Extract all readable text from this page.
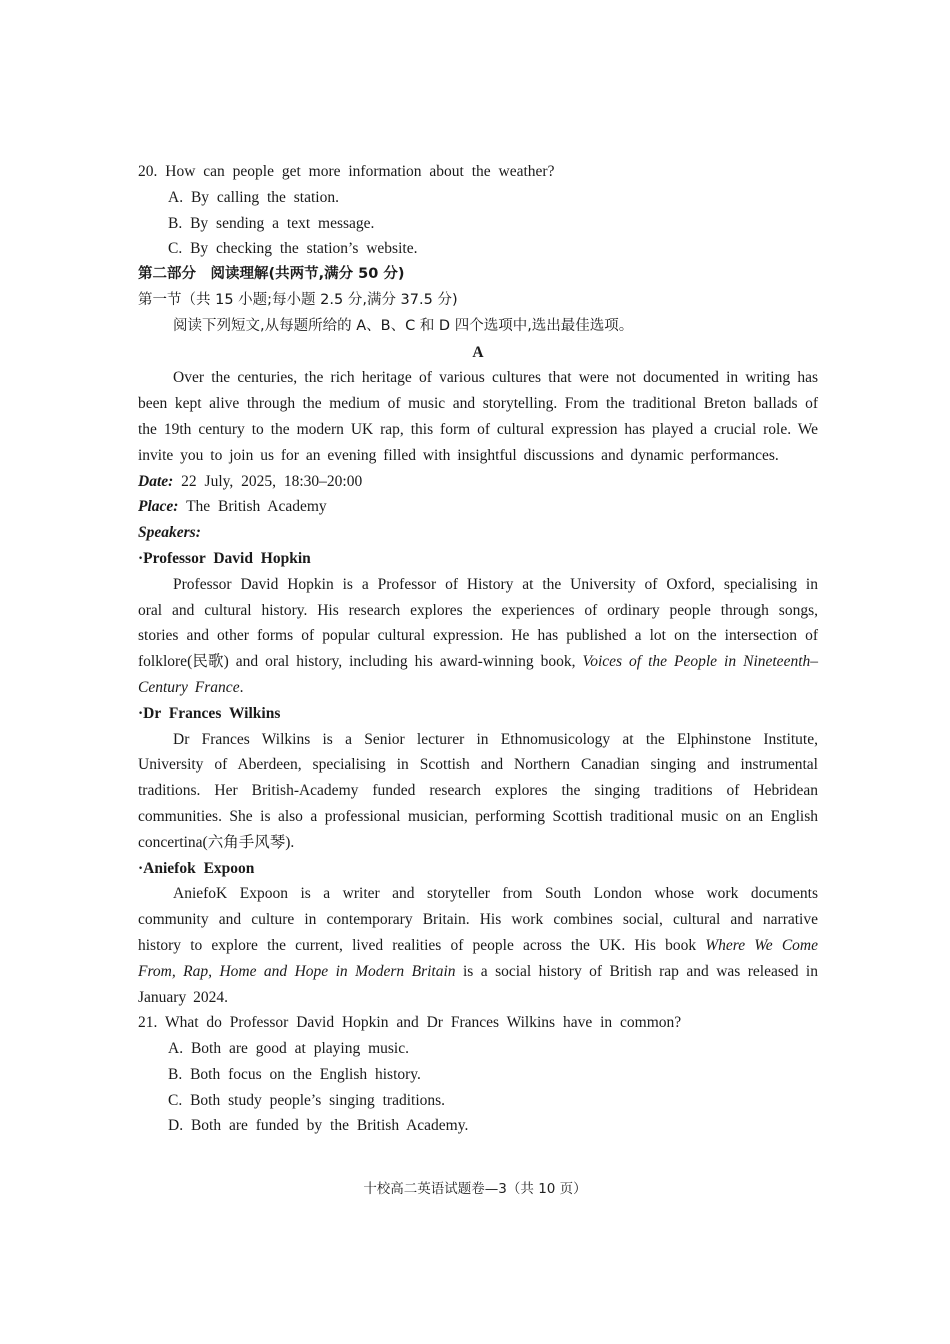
20. How can people get more information about the weather?
A. By calling the station.
B. By sending a text message.
C. By checking the station’s website.
第二部分　阅读理解(共两节,满分 50 分)
第一节（共 15 小题;每小题 2.5 分,满分 37.5 分)
阅读下列短文,从每题所给的 A、B、C 和 D 四个选项中,选出最佳选项。
A
Over the centuries, the rich heritage of various cultures that were not documented in writing has been kept alive through the medium of music and storytelling. From the traditional Breton ballads of the 19th century to the modern UK rap, this form of cultural expression has played a crucial role. We invite you to join us for an evening filled with insightful discussions and dynamic performances.
Date: 22 July, 2025, 18:30–20:00
Place: The British Academy
Speakers:
·Professor David Hopkin
Professor David Hopkin is a Professor of History at the University of Oxford, specialising in oral and cultural history. His research explores the experiences of ordinary people through songs, stories and other forms of popular cultural expression. He has published a lot on the intersection of folklore(民歌) and oral history, including his award-winning book, Voices of the People in Nineteenth–Century France.
·Dr Frances Wilkins
Dr Frances Wilkins is a Senior lecturer in Ethnomusicology at the Elphinstone Institute, University of Aberdeen, specialising in Scottish and Northern Canadian singing and instrumental traditions. Her British-Academy funded research explores the singing traditions of Hebridean communities. She is also a professional musician, performing Scottish traditional music on an English concertina(六角手风琴).
·Aniefok Expoon
AniefoK Expoon is a writer and storyteller from South London whose work documents community and culture in contemporary Britain. His work combines social, cultural and narrative history to explore the current, lived realities of people across the UK. His book Where We Come From, Rap, Home and Hope in Modern Britain is a social history of British rap and was released in January 2024.
21. What do Professor David Hopkin and Dr Frances Wilkins have in common?
A. Both are good at playing music.
B. Both focus on the English history.
C. Both study people’s singing traditions.
D. Both are funded by the British Academy.
十校高二英语试题卷—3（共 10 页）
